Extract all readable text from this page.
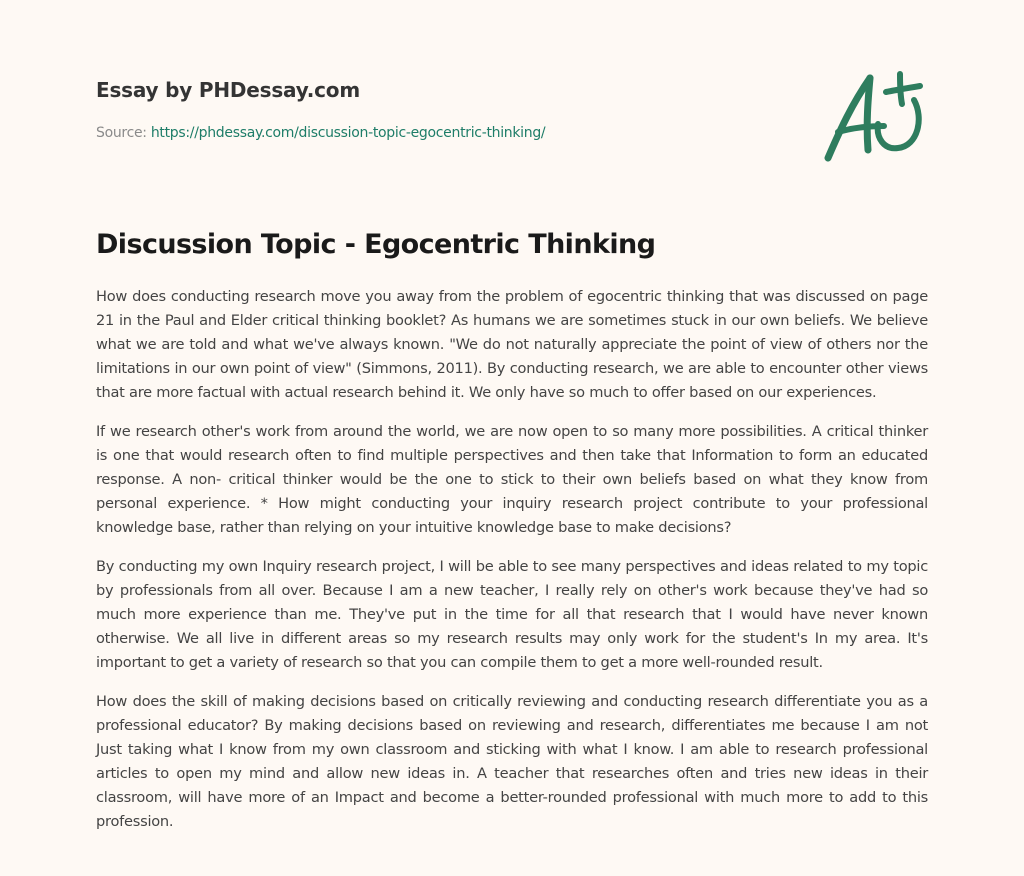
Essay by PHDessay.com
Source: https://phdessay.com/discussion-topic-egocentric-thinking/
Discussion Topic - Egocentric Thinking

How does conducting research move you away from the problem of egocentric thinking that was discussed on page 21 in the Paul and Elder critical thinking booklet? As humans we are sometimes stuck in our own beliefs. We believe what we are told and what we've always known. "We do not naturally appreciate the point of view of others nor the limitations in our own point of view" (Simmons, 2011). By conducting research, we are able to encounter other views that are more factual with actual research behind it. We only have so much to offer based on our experiences.

If we research other's work from around the world, we are now open to so many more possibilities. A critical thinker is one that would research often to find multiple perspectives and then take that Information to form an educated response. A non- critical thinker would be the one to stick to their own beliefs based on what they know from personal experience. * How might conducting your inquiry research project contribute to your professional knowledge base, rather than relying on your intuitive knowledge base to make decisions?

By conducting my own Inquiry research project, I will be able to see many perspectives and ideas related to my topic by professionals from all over. Because I am a new teacher, I really rely on other's work because they've had so much more experience than me. They've put in the time for all that research that I would have never known otherwise. We all live in different areas so my research results may only work for the student's In my area. It's important to get a variety of research so that you can compile them to get a more well-rounded result.

How does the skill of making decisions based on critically reviewing and conducting research differentiate you as a professional educator? By making decisions based on reviewing and research, differentiates me because I am not Just taking what I know from my own classroom and sticking with what I know. I am able to research professional articles to open my mind and allow new ideas in. A teacher that researches often and tries new ideas in their classroom, will have more of an Impact and become a better-rounded professional with much more to add to this profession.
